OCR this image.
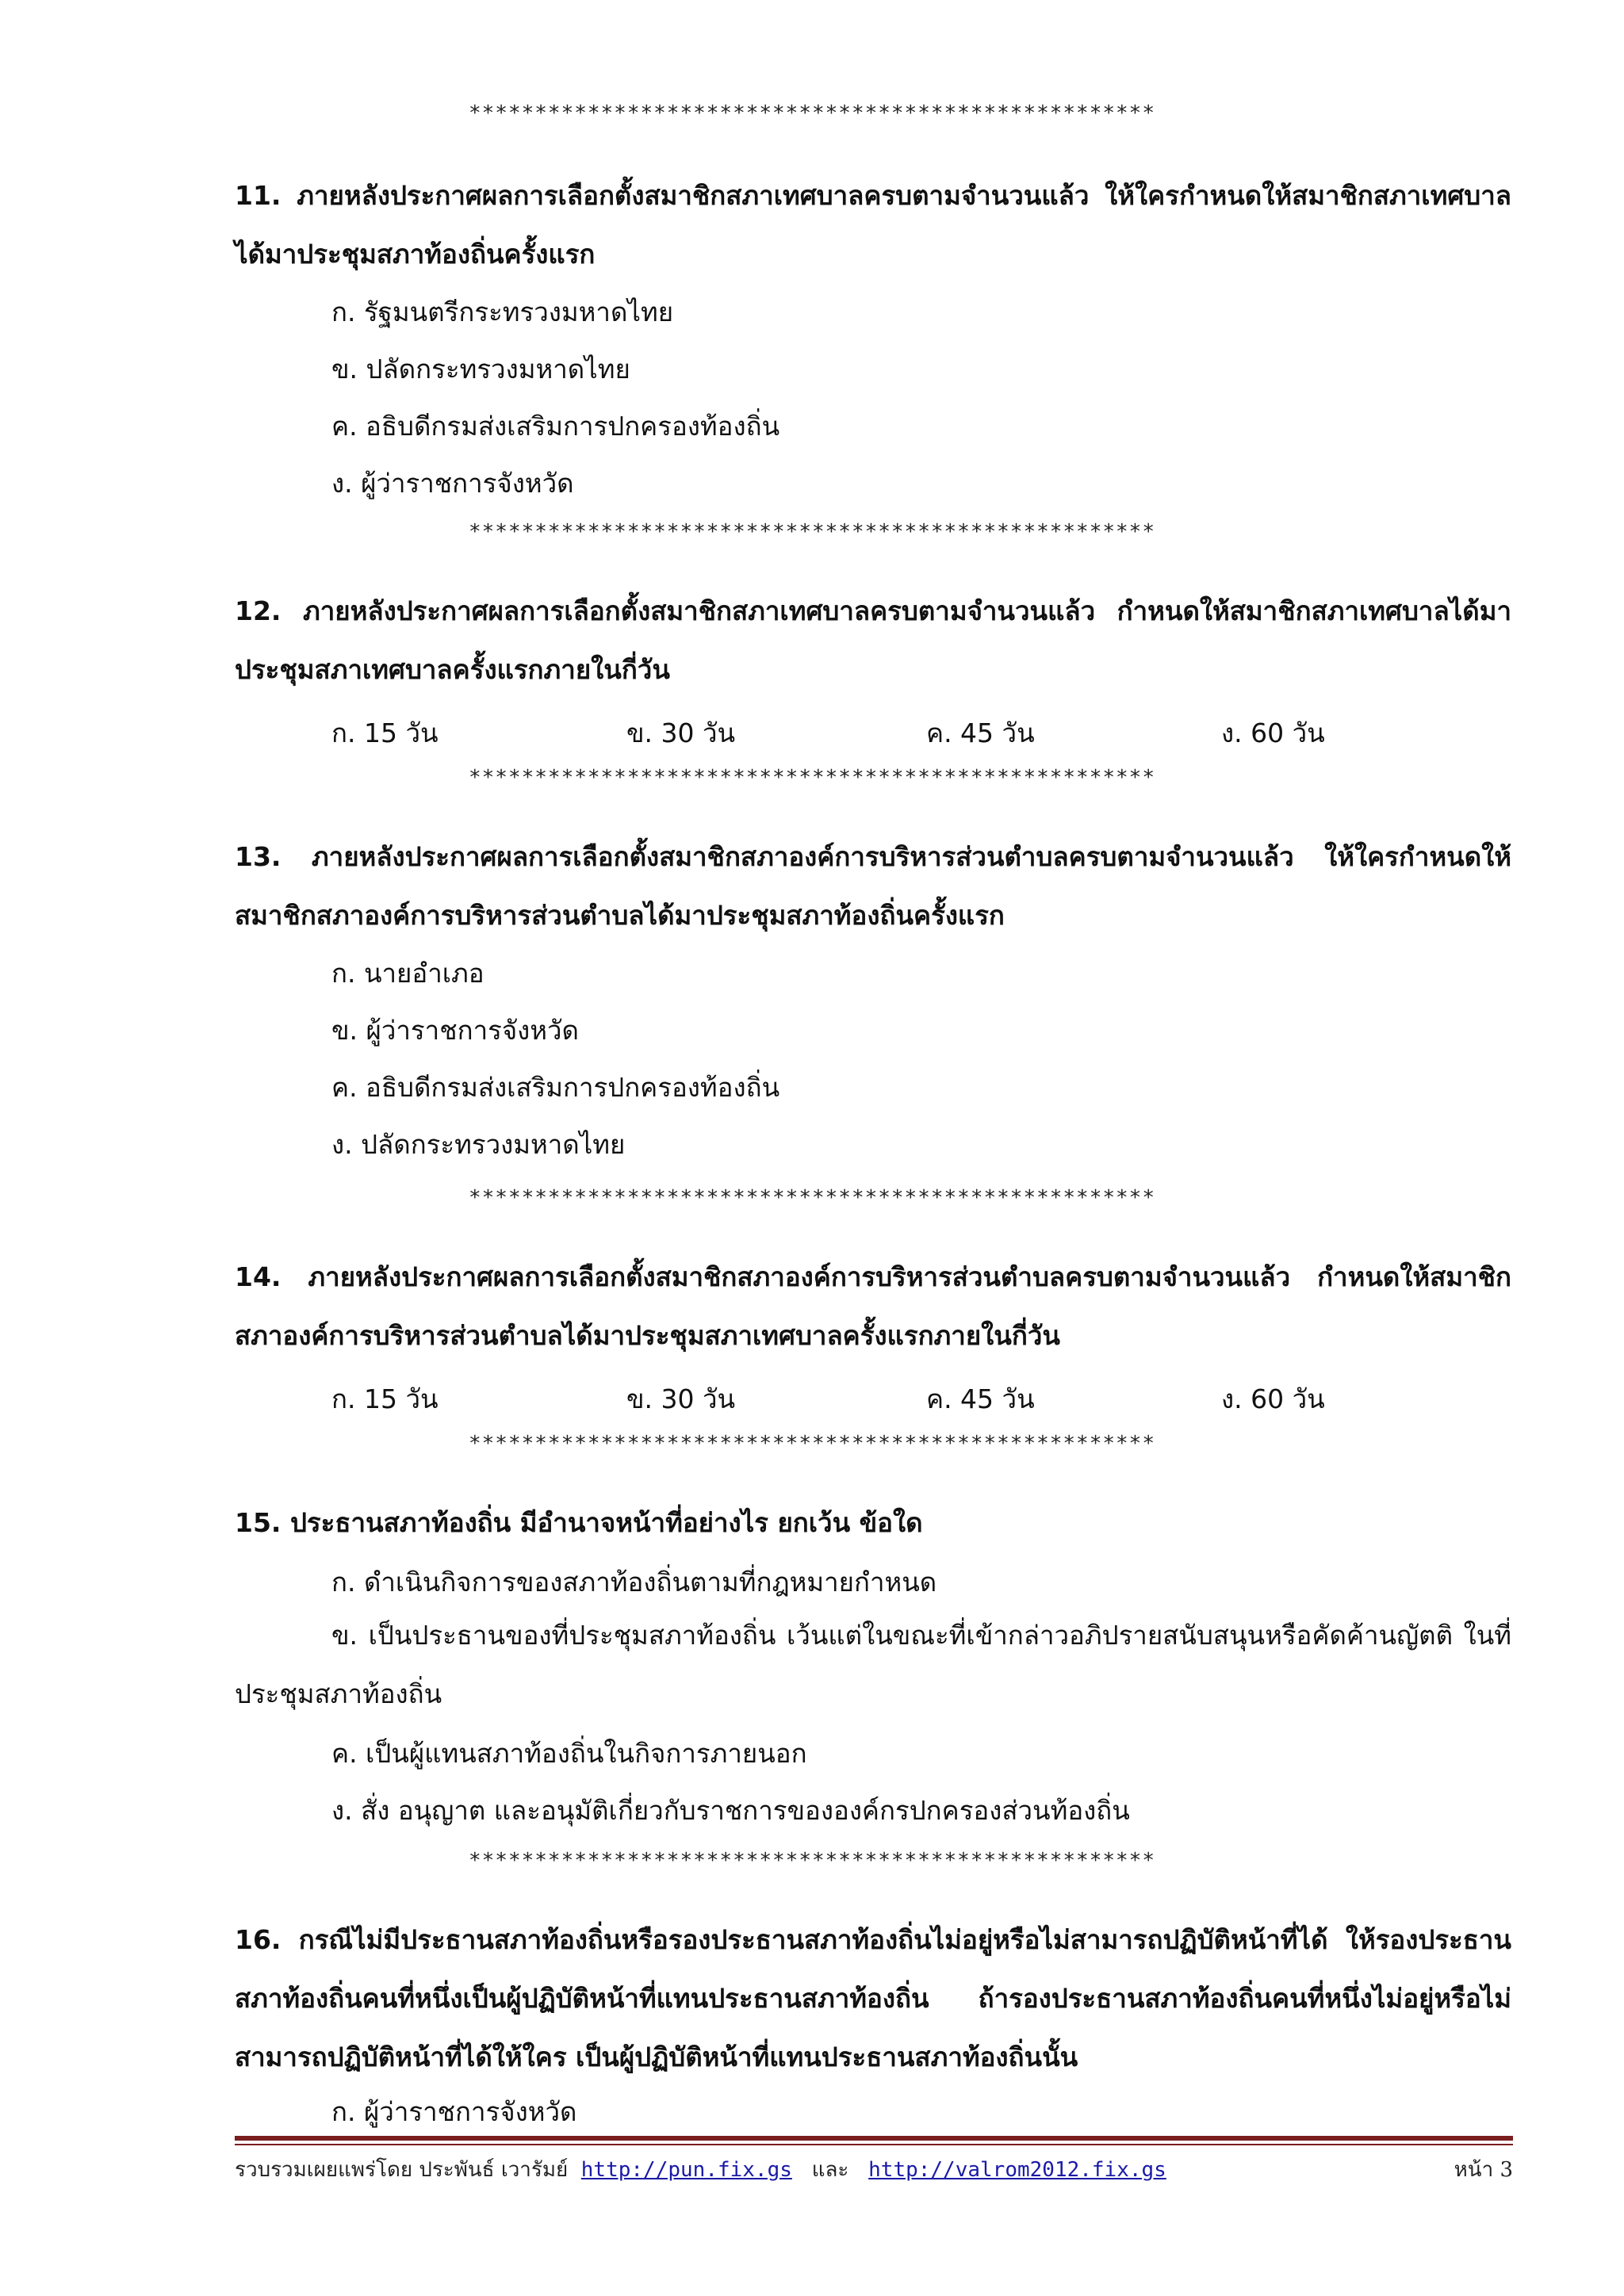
****************************************************
11. ภายหลังประกาศผลการเลือกตั้งสมาชิกสภาเทศบาลครบตามจำนวนแล้ว ให้ใครกำหนดให้สมาชิกสภาเทศบาลได้มาประชุมสภาท้องถิ่นครั้งแรก
ก. รัฐมนตรีกระทรวงมหาดไทย
ข. ปลัดกระทรวงมหาดไทย
ค. อธิบดีกรมส่งเสริมการปกครองท้องถิ่น
ง. ผู้ว่าราชการจังหวัด
****************************************************
12. ภายหลังประกาศผลการเลือกตั้งสมาชิกสภาเทศบาลครบตามจำนวนแล้ว กำหนดให้สมาชิกสภาเทศบาลได้มาประชุมสภาเทศบาลครั้งแรกภายในกี่วัน
ก. 15 วัน	ข. 30 วัน	ค. 45 วัน	ง. 60 วัน
****************************************************
13. ภายหลังประกาศผลการเลือกตั้งสมาชิกสภาองค์การบริหารส่วนตำบลครบตามจำนวนแล้ว ให้ใครกำหนดให้สมาชิกสภาองค์การบริหารส่วนตำบลได้มาประชุมสภาท้องถิ่นครั้งแรก
ก. นายอำเภอ
ข. ผู้ว่าราชการจังหวัด
ค. อธิบดีกรมส่งเสริมการปกครองท้องถิ่น
ง. ปลัดกระทรวงมหาดไทย
****************************************************
14. ภายหลังประกาศผลการเลือกตั้งสมาชิกสภาองค์การบริหารส่วนตำบลครบตามจำนวนแล้ว กำหนดให้สมาชิกสภาองค์การบริหารส่วนตำบลได้มาประชุมสภาเทศบาลครั้งแรกภายในกี่วัน
ก. 15 วัน	ข. 30 วัน	ค. 45 วัน	ง. 60 วัน
****************************************************
15. ประธานสภาท้องถิ่น มีอำนาจหน้าที่อย่างไร ยกเว้น ข้อใด
ก. ดำเนินกิจการของสภาท้องถิ่นตามที่กฎหมายกำหนด
ข. เป็นประธานของที่ประชุมสภาท้องถิ่น เว้นแต่ในขณะที่เข้ากล่าวอภิปรายสนับสนุนหรือคัดค้านญัตติ ในที่ประชุมสภาท้องถิ่น
ค. เป็นผู้แทนสภาท้องถิ่นในกิจการภายนอก
ง. สั่ง อนุญาต และอนุมัติเกี่ยวกับราชการขององค์กรปกครองส่วนท้องถิ่น
****************************************************
16. กรณีไม่มีประธานสภาท้องถิ่นหรือรองประธานสภาท้องถิ่นไม่อยู่หรือไม่สามารถปฏิบัติหน้าที่ได้ ให้รองประธานสภาท้องถิ่นคนที่หนึ่งเป็นผู้ปฏิบัติหน้าที่แทนประธานสภาท้องถิ่น ถ้ารองประธานสภาท้องถิ่นคนที่หนึ่งไม่อยู่หรือไม่สามารถปฏิบัติหน้าที่ได้ให้ใคร เป็นผู้ปฏิบัติหน้าที่แทนประธานสภาท้องถิ่นนั้น
ก. ผู้ว่าราชการจังหวัด
รวบรวมเผยแพร่โดย ประพันธ์ เวารัมย์ http://pun.fix.gs และ http://valrom2012.fix.gs	หน้า 3
